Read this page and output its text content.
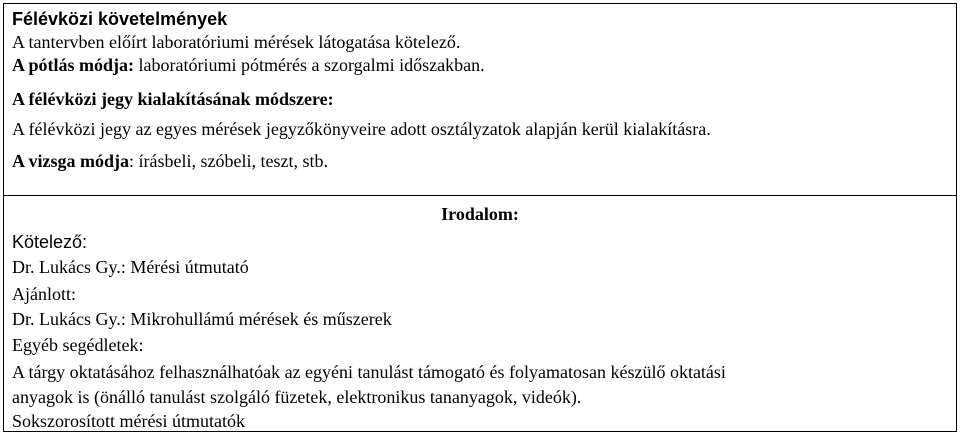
Félévközi követelmények
A tantervben előírt laboratóriumi mérések látogatása kötelező.
A pótlás módja: laboratóriumi pótmérés a szorgalmi időszakban.
A félévközi jegy kialakításának módszere:
A félévközi jegy az egyes mérések jegyzőkönyveire adott osztályzatok alapján kerül kialakításra.
A vizsga módja: írásbeli, szóbeli, teszt, stb.
Irodalom:
Kötelező:
Dr. Lukács Gy.: Mérési útmutató
Ajánlott:
Dr. Lukács Gy.: Mikrohullámú mérések és műszerek
Egyéb segédletek:
A tárgy oktatásához felhasználhatóak az egyéni tanulást támogató és folyamatosan készülő oktatási
anyagok is (önálló tanulást szolgáló füzetek, elektronikus tananyagok, videók).
Sokszorosított mérési útmutatók
